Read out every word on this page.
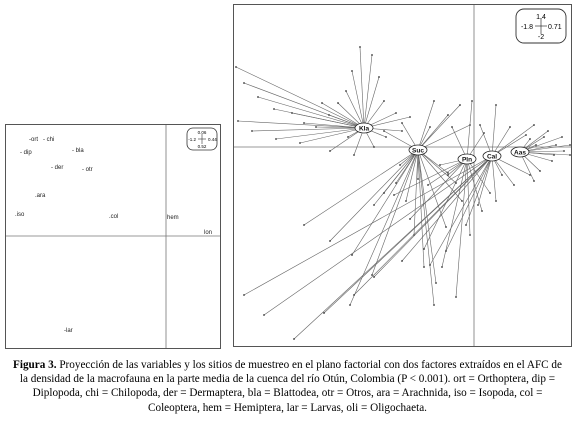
0.06
-1.2	0.44
0.52
-ort - chi
- bla
- dip
- der	- otr
.ara
.iso	.col	hem
lon
-lar
1.4
-1.8 0.71
-2
Kla
Suc
Pln Cal
Aas
Figura 3. Proyección de las variables y los sitios de muestreo en el plano factorial con dos factores extraídos en el AFC de la densidad de la macrofauna en la parte media de la cuenca del río Otún, Colombia (P < 0.001). ort = Orthoptera, dip = Diplopoda, chi = Chilopoda, der = Dermaptera, bla = Blattodea, otr = Otros, ara = Arachnida, iso = Isopoda, col = Coleoptera, hem = Hemiptera, lar = Larvas, oli = Oligochaeta.
